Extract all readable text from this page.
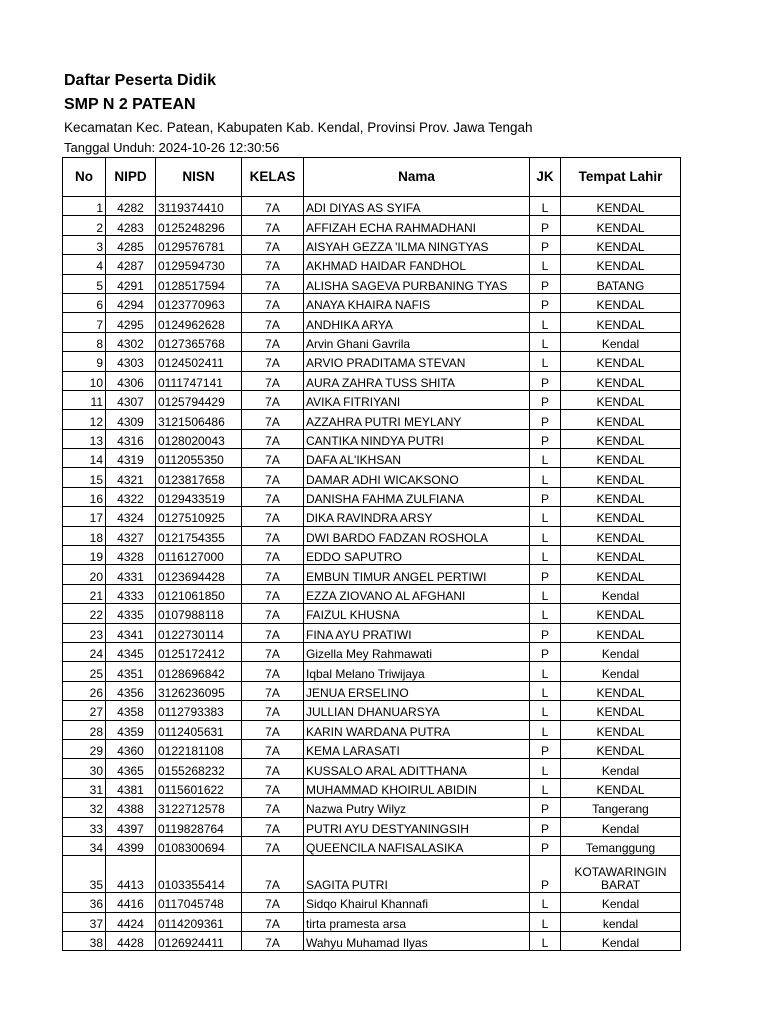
Daftar Peserta Didik
SMP N 2 PATEAN

Kecamatan Kec. Patean, Kabupaten Kab. Kendal, Provinsi Prov. Jawa Tengah

Tanggal Unduh: 2024-10-26 12:30:56

No	NIPD	NISN	KELAS	Nama	JK	Tempat Lahir
1	4282	3119374410	7A	ADI DIYAS AS SYIFA	L	KENDAL
2	4283	0125248296	7A	AFFIZAH ECHA RAHMADHANI	P	KENDAL
3	4285	0129576781	7A	AISYAH GEZZA 'ILMA NINGTYAS	P	KENDAL
4	4287	0129594730	7A	AKHMAD HAIDAR FANDHOL	L	KENDAL
5	4291	0128517594	7A	ALISHA SAGEVA PURBANING TYAS	P	BATANG
6	4294	0123770963	7A	ANAYA KHAIRA NAFIS	P	KENDAL
7	4295	0124962628	7A	ANDHIKA ARYA	L	KENDAL
8	4302	0127365768	7A	Arvin Ghani Gavrila	L	Kendal
9	4303	0124502411	7A	ARVIO PRADITAMA STEVAN	L	KENDAL
10	4306	0111747141	7A	AURA ZAHRA TUSS SHITA	P	KENDAL
11	4307	0125794429	7A	AVIKA FITRIYANI	P	KENDAL
12	4309	3121506486	7A	AZZAHRA PUTRI MEYLANY	P	KENDAL
13	4316	0128020043	7A	CANTIKA NINDYA PUTRI	P	KENDAL
14	4319	0112055350	7A	DAFA AL'IKHSAN	L	KENDAL
15	4321	0123817658	7A	DAMAR ADHI WICAKSONO	L	KENDAL
16	4322	0129433519	7A	DANISHA FAHMA ZULFIANA	P	KENDAL
17	4324	0127510925	7A	DIKA RAVINDRA ARSY	L	KENDAL
18	4327	0121754355	7A	DWI BARDO FADZAN ROSHOLA	L	KENDAL
19	4328	0116127000	7A	EDDO SAPUTRO	L	KENDAL
20	4331	0123694428	7A	EMBUN TIMUR ANGEL PERTIWI	P	KENDAL
21	4333	0121061850	7A	EZZA ZIOVANO AL AFGHANI	L	Kendal
22	4335	0107988118	7A	FAIZUL KHUSNA	L	KENDAL
23	4341	0122730114	7A	FINA AYU PRATIWI	P	KENDAL
24	4345	0125172412	7A	Gizella Mey Rahmawati	P	Kendal
25	4351	0128696842	7A	Iqbal Melano Triwijaya	L	Kendal
26	4356	3126236095	7A	JENUA ERSELINO	L	KENDAL
27	4358	0112793383	7A	JULLIAN DHANUARSYA	L	KENDAL
28	4359	0112405631	7A	KARIN WARDANA PUTRA	L	KENDAL
29	4360	0122181108	7A	KEMA LARASATI	P	KENDAL
30	4365	0155268232	7A	KUSSALO ARAL ADITTHANA	L	Kendal
31	4381	0115601622	7A	MUHAMMAD KHOIRUL ABIDIN	L	KENDAL
32	4388	3122712578	7A	Nazwa Putry Wilyz	P	Tangerang
33	4397	0119828764	7A	PUTRI AYU DESTYANINGSIH	P	Kendal
34	4399	0108300694	7A	QUEENCILA NAFISALASIKA	P	Temanggung
35	4413	0103355414	7A	SAGITA PUTRI	P	KOTAWARINGIN BARAT
36	4416	0117045748	7A	Sidqo Khairul Khannafi	L	Kendal
37	4424	0114209361	7A	tirta pramesta arsa	L	kendal
38	4428	0126924411	7A	Wahyu Muhamad Ilyas	L	Kendal
